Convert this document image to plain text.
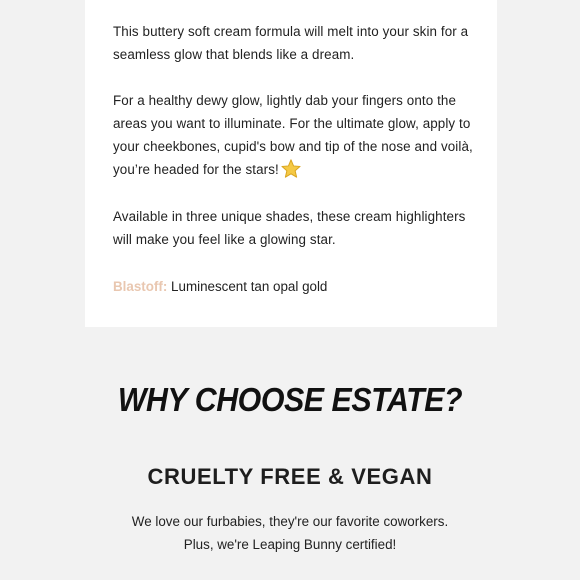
This buttery soft cream formula will melt into your skin for a seamless glow that blends like a dream.

For a healthy dewy glow, lightly dab your fingers onto the areas you want to illuminate. For the ultimate glow, apply to your cheekbones, cupid's bow and tip of the nose and voilà, you’re headed for the stars!

Available in three unique shades, these cream highlighters will make you feel like a glowing star.

Blastoff: Luminescent tan opal gold

WHY CHOOSE ESTATE?
CRUELTY FREE & VEGAN

We love our furbabies, they're our favorite coworkers.
Plus, we're Leaping Bunny certified!
